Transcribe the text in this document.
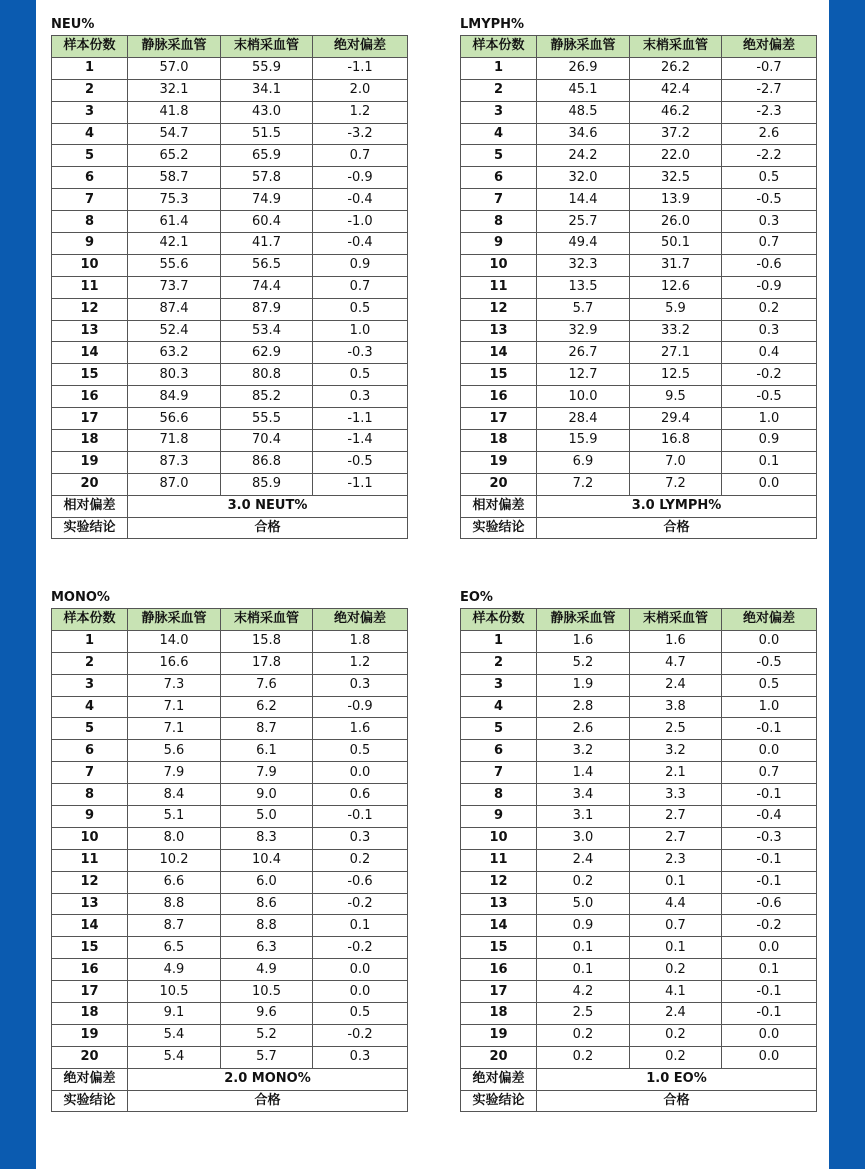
NEU%
样本份数	静脉采血管	末梢采血管	绝对偏差
1	57.0	55.9	-1.1
2	32.1	34.1	2.0
3	41.8	43.0	1.2
4	54.7	51.5	-3.2
5	65.2	65.9	0.7
6	58.7	57.8	-0.9
7	75.3	74.9	-0.4
8	61.4	60.4	-1.0
9	42.1	41.7	-0.4
10	55.6	56.5	0.9
11	73.7	74.4	0.7
12	87.4	87.9	0.5
13	52.4	53.4	1.0
14	63.2	62.9	-0.3
15	80.3	80.8	0.5
16	84.9	85.2	0.3
17	56.6	55.5	-1.1
18	71.8	70.4	-1.4
19	87.3	86.8	-0.5
20	87.0	85.9	-1.1
相对偏差	3.0 NEUT%		
实验结论	合格		
LMYPH%
样本份数	静脉采血管	末梢采血管	绝对偏差
1	26.9	26.2	-0.7
2	45.1	42.4	-2.7
3	48.5	46.2	-2.3
4	34.6	37.2	2.6
5	24.2	22.0	-2.2
6	32.0	32.5	0.5
7	14.4	13.9	-0.5
8	25.7	26.0	0.3
9	49.4	50.1	0.7
10	32.3	31.7	-0.6
11	13.5	12.6	-0.9
12	5.7	5.9	0.2
13	32.9	33.2	0.3
14	26.7	27.1	0.4
15	12.7	12.5	-0.2
16	10.0	9.5	-0.5
17	28.4	29.4	1.0
18	15.9	16.8	0.9
19	6.9	7.0	0.1
20	7.2	7.2	0.0
相对偏差	3.0 LYMPH%		
实验结论	合格		
MONO%
样本份数	静脉采血管	末梢采血管	绝对偏差
1	14.0	15.8	1.8
2	16.6	17.8	1.2
3	7.3	7.6	0.3
4	7.1	6.2	-0.9
5	7.1	8.7	1.6
6	5.6	6.1	0.5
7	7.9	7.9	0.0
8	8.4	9.0	0.6
9	5.1	5.0	-0.1
10	8.0	8.3	0.3
11	10.2	10.4	0.2
12	6.6	6.0	-0.6
13	8.8	8.6	-0.2
14	8.7	8.8	0.1
15	6.5	6.3	-0.2
16	4.9	4.9	0.0
17	10.5	10.5	0.0
18	9.1	9.6	0.5
19	5.4	5.2	-0.2
20	5.4	5.7	0.3
绝对偏差	2.0 MONO%		
实验结论	合格		
EO%
样本份数	静脉采血管	末梢采血管	绝对偏差
1	1.6	1.6	0.0
2	5.2	4.7	-0.5
3	1.9	2.4	0.5
4	2.8	3.8	1.0
5	2.6	2.5	-0.1
6	3.2	3.2	0.0
7	1.4	2.1	0.7
8	3.4	3.3	-0.1
9	3.1	2.7	-0.4
10	3.0	2.7	-0.3
11	2.4	2.3	-0.1
12	0.2	0.1	-0.1
13	5.0	4.4	-0.6
14	0.9	0.7	-0.2
15	0.1	0.1	0.0
16	0.1	0.2	0.1
17	4.2	4.1	-0.1
18	2.5	2.4	-0.1
19	0.2	0.2	0.0
20	0.2	0.2	0.0
绝对偏差	1.0 EO%		
实验结论	合格		
